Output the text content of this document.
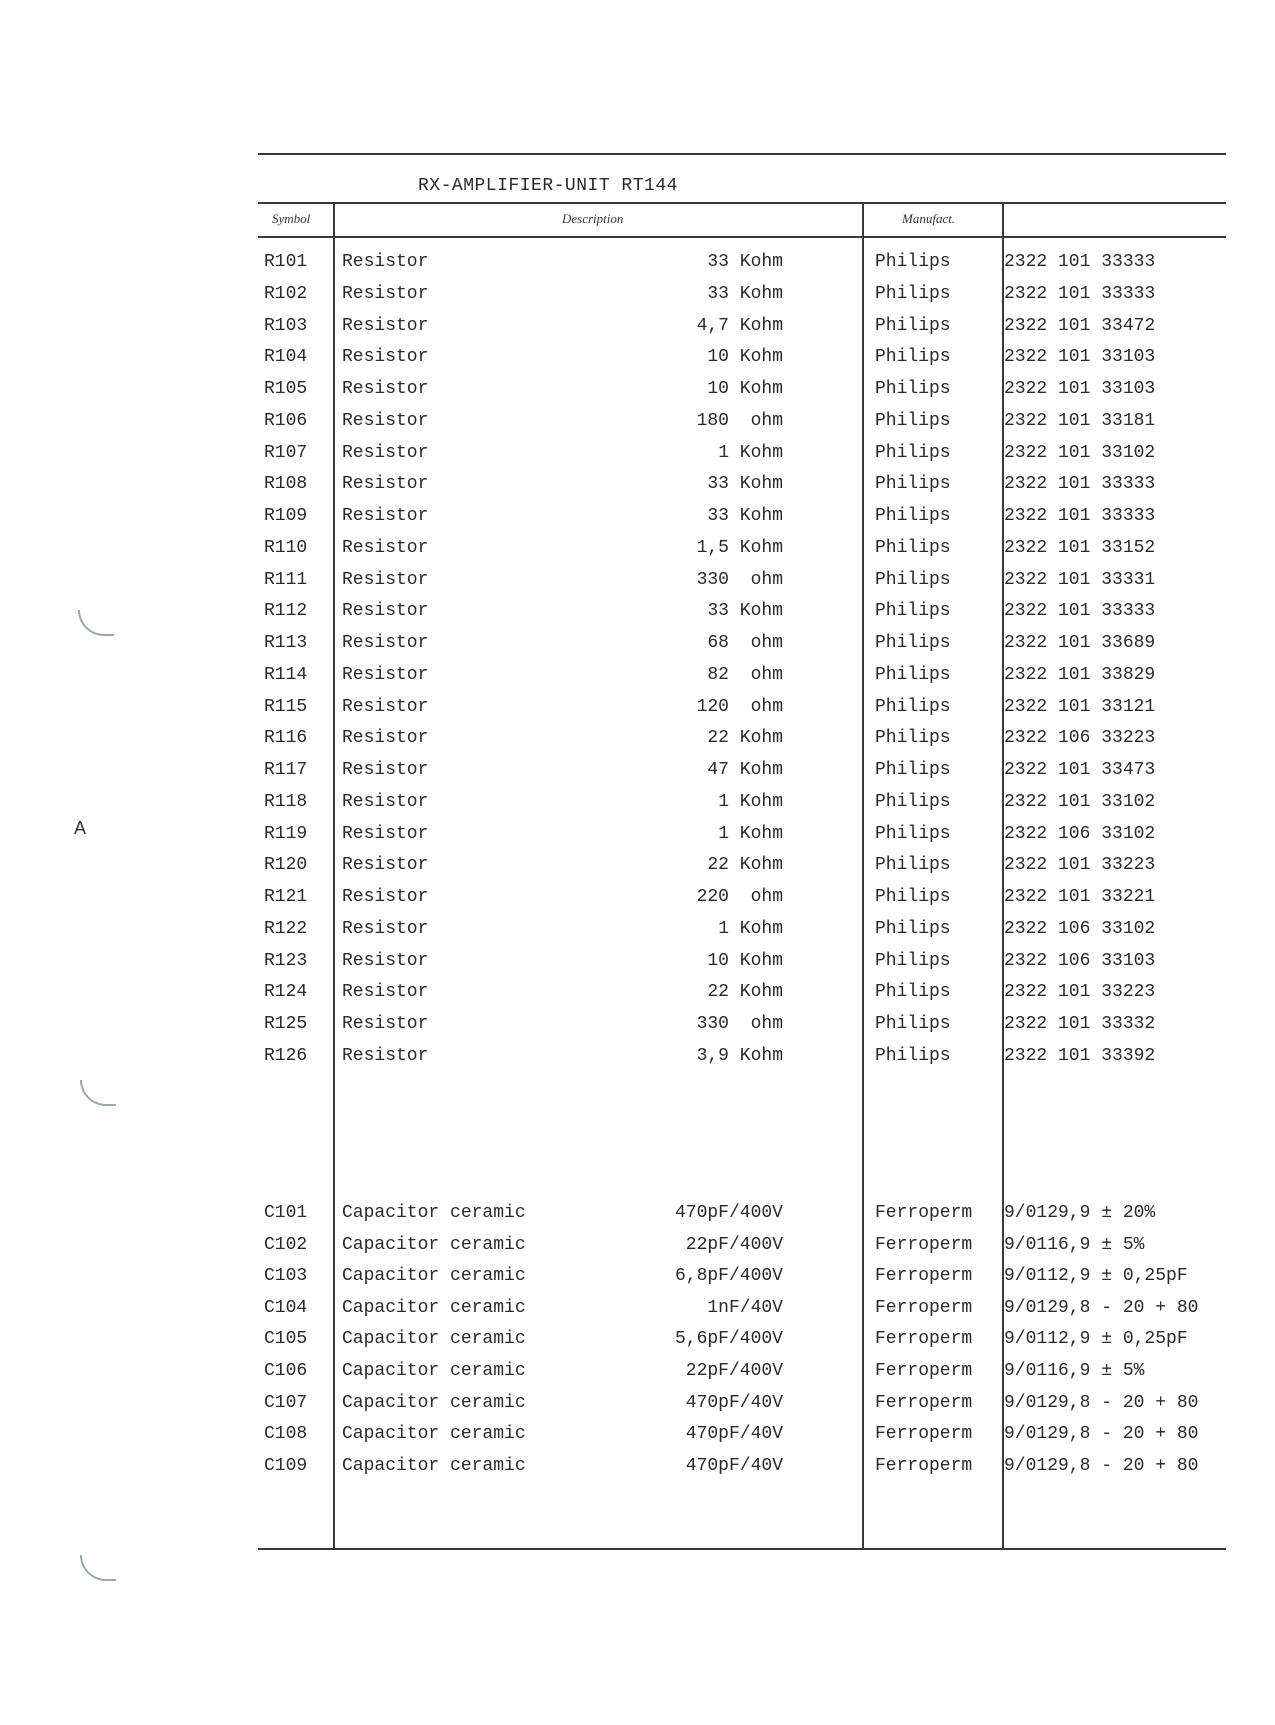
RX-AMPLIFIER-UNIT RT144
Symbol	Description	Manufact.
R101 Resistor	33 Kohm	Philips	2322 101 33333
R102 Resistor	33 Kohm	Philips	2322 101 33333
R103 Resistor	4,7 Kohm	Philips	2322 101 33472
R104 Resistor	10 Kohm	Philips	2322 101 33103
R105 Resistor	10 Kohm	Philips	2322 101 33103
R106 Resistor	180  ohm	Philips	2322 101 33181
R107 Resistor	1 Kohm	Philips	2322 101 33102
R108 Resistor	33 Kohm	Philips	2322 101 33333
R109 Resistor	33 Kohm	Philips	2322 101 33333
R110 Resistor	1,5 Kohm	Philips	2322 101 33152
R111 Resistor	330  ohm	Philips	2322 101 33331
R112 Resistor	33 Kohm	Philips	2322 101 33333
R113 Resistor	68  ohm	Philips	2322 101 33689
R114 Resistor	82  ohm	Philips	2322 101 33829
R115 Resistor	120  ohm	Philips	2322 101 33121
R116 Resistor	22 Kohm	Philips	2322 106 33223
R117 Resistor	47 Kohm	Philips	2322 101 33473
R118 Resistor	1 Kohm	Philips	2322 101 33102
R119 Resistor	1 Kohm	Philips	2322 106 33102
R120 Resistor	22 Kohm	Philips	2322 101 33223
R121 Resistor	220  ohm	Philips	2322 101 33221
R122 Resistor	1 Kohm	Philips	2322 106 33102
R123 Resistor	10 Kohm	Philips	2322 106 33103
R124 Resistor	22 Kohm	Philips	2322 101 33223
R125 Resistor	330  ohm	Philips	2322 101 33332
R126 Resistor	3,9 Kohm	Philips	2322 101 33392
C101 Capacitor ceramic	470pF/400V	Ferroperm 9/0129,9 ± 20%
C102 Capacitor ceramic	22pF/400V	Ferroperm 9/0116,9 ± 5%
C103 Capacitor ceramic	6,8pF/400V	Ferroperm 9/0112,9 ± 0,25pF
C104 Capacitor ceramic	1nF/40V	Ferroperm 9/0129,8 - 20 + 80
C105 Capacitor ceramic	5,6pF/400V	Ferroperm 9/0112,9 ± 0,25pF
C106 Capacitor ceramic	22pF/400V	Ferroperm 9/0116,9 ± 5%
C107 Capacitor ceramic	470pF/40V	Ferroperm 9/0129,8 - 20 + 80
C108 Capacitor ceramic	470pF/40V	Ferroperm 9/0129,8 - 20 + 80
C109 Capacitor ceramic	470pF/40V	Ferroperm 9/0129,8 - 20 + 80
A
